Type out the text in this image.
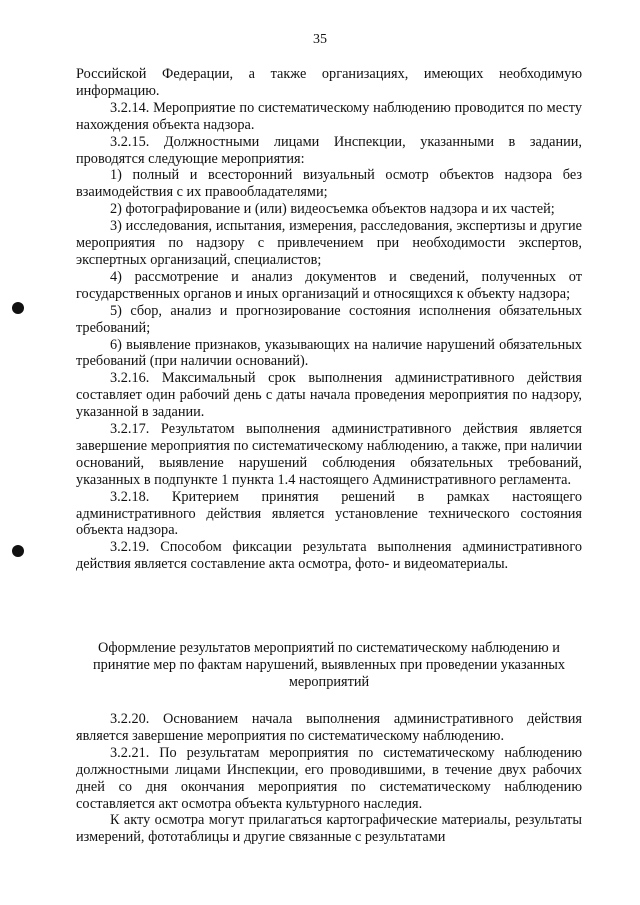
35

Российской Федерации, а также организациях, имеющих необходимую информацию.

3.2.14. Мероприятие по систематическому наблюдению проводится по месту нахождения объекта надзора.

3.2.15. Должностными лицами Инспекции, указанными в задании, проводятся следующие мероприятия:

1) полный и всесторонний визуальный осмотр объектов надзора без взаимодействия с их правообладателями;

2) фотографирование и (или) видеосъемка объектов надзора и их частей;

3) исследования, испытания, измерения, расследования, экспертизы и другие мероприятия по надзору с привлечением при необходимости экспертов, экспертных организаций, специалистов;

4) рассмотрение и анализ документов и сведений, полученных от государственных органов и иных организаций и относящихся к объекту надзора;

5) сбор, анализ и прогнозирование состояния исполнения обязательных требований;

6) выявление признаков, указывающих на наличие нарушений обязательных требований (при наличии оснований).

3.2.16. Максимальный срок выполнения административного действия составляет один рабочий день с даты начала проведения мероприятия по надзору, указанной в задании.

3.2.17. Результатом выполнения административного действия является завершение мероприятия по систематическому наблюдению, а также, при наличии оснований, выявление нарушений соблюдения обязательных требований, указанных в подпункте 1 пункта 1.4 настоящего Административного регламента.

3.2.18. Критерием принятия решений в рамках настоящего административного действия является установление технического состояния объекта надзора.

3.2.19. Способом фиксации результата выполнения административного действия является составление акта осмотра, фото- и видеоматериалы.

Оформление результатов мероприятий по систематическому наблюдению и принятие мер по фактам нарушений, выявленных при проведении указанных мероприятий

3.2.20. Основанием начала выполнения административного действия является завершение мероприятия по систематическому наблюдению.

3.2.21. По результатам мероприятия по систематическому наблюдению должностными лицами Инспекции, его проводившими, в течение двух рабочих дней со дня окончания мероприятия по систематическому наблюдению составляется акт осмотра объекта культурного наследия.

К акту осмотра могут прилагаться картографические материалы, результаты измерений, фототаблицы и другие связанные с результатами
